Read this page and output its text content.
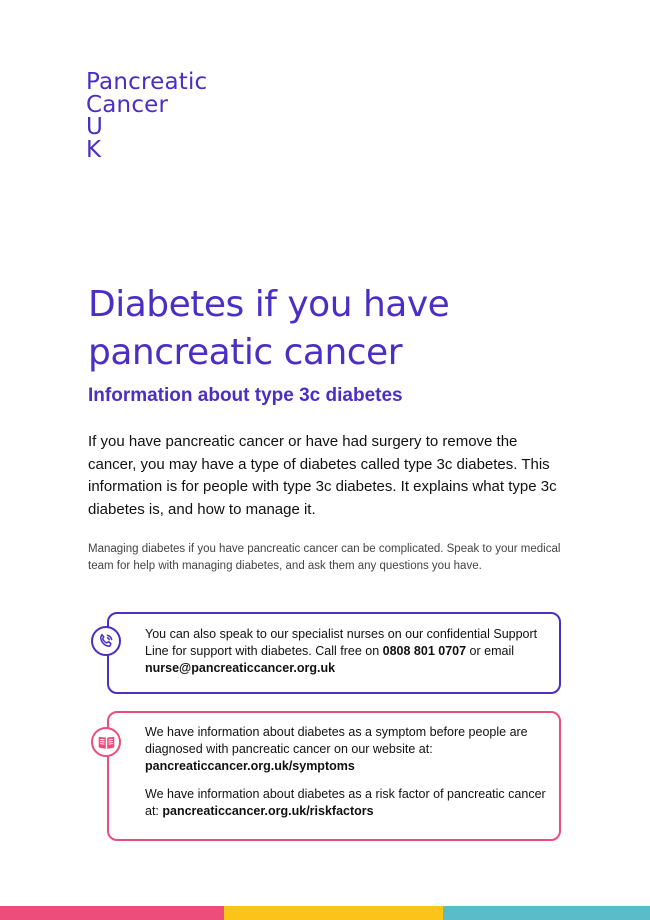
Pancreatic
Cancer
U
K
Diabetes if you have pancreatic cancer
Information about type 3c diabetes

If you have pancreatic cancer or have had surgery to remove the cancer, you may have a type of diabetes called type 3c diabetes. This information is for people with type 3c diabetes. It explains what type 3c diabetes is, and how to manage it.

Managing diabetes if you have pancreatic cancer can be complicated. Speak to your medical team for help with managing diabetes, and ask them any questions you have.

You can also speak to our specialist nurses on our confidential Support Line for support with diabetes. Call free on 0808 801 0707 or email nurse@pancreaticcancer.org.uk

We have information about diabetes as a symptom before people are diagnosed with pancreatic cancer on our website at: pancreaticcancer.org.uk/symptoms

We have information about diabetes as a risk factor of pancreatic cancer at: pancreaticcancer.org.uk/riskfactors
